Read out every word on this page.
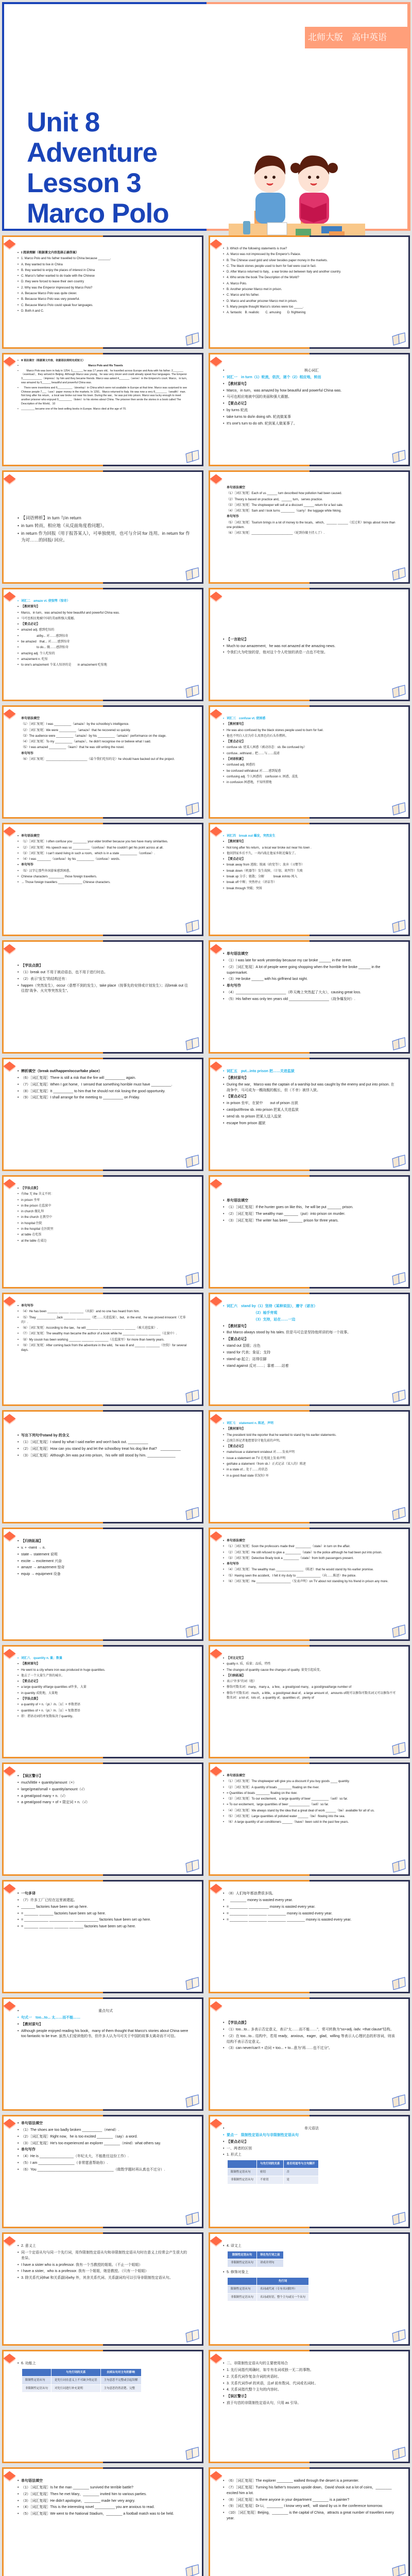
北师大版　高中英语
Unit 8
Adventure
Lesson 3
Marco Polo
• Ⅰ 阅读理解（根据课文内容选择正确答案）
• 1. Marco Polo and his father travelled to China because _______.
• A. they wanted to live in China
• B. they wanted to enjoy the places of interest in China
• C. Marco's father wanted to do trade with the Chinese
• D. they were forced to leave their own country
• 2. Why was the Emperor impressed by Marco Polo?
• A. Because Marco Polo was quite clever.
• B. Because Marco Polo was very powerful.
• C. Because Marco Polo could speak four languages.
• D. Both A and C.
• 3. Which of the following statements is true?
• A. Marco was not impressed by the Emperor's Palace.
• B. The Chinese used gold and silver besides paper money in the markets.
• C. The black stones people used to burn for fuel were coal in fact.
• D. After Marco returned to Italy，a war broke out between Italy and another country.
• 4. Who wrote the book The Description of the World?
• A. Marco Polo.
• B. Another prisoner Marco met in prison.
• C. Marco and his father.
• D. Marco and another prisoner Marco met in prison.
• 5. Many people thought Marco's stories were too _____.
• A. fantastic　B. realistic　　C. amusing　　D. frightening
• Ⅱ 语法填空（根据课文内容，依据语法规则完成短文）
• Marco Polo and His Travels
• 　　Marco Polo was born in Italy in 1254. 1_______ he was 17 years old，he travelled across Europe and Asia with his father. 2_______（eventual），they arrived in Beijing. Although Marco was young，he was very clever and could already speak four languages. The Emperor 3_____________（impress）by him and they became friends. Marco was asked 4_______（serve）in the Emperor's court. Marco，in turn，was amazed by 5______ beautiful and powerful China was.
• 　There were inventions and 6__________（develop）in China which were not available in Europe at that time. Marco was surprised to see Chinese people 7___（use）paper money in the markets. In 1291，Marco returned to Italy. He was now a very 8________（wealth）man. Not long after his return，a local war broke out near his town. During the war，he was put into prison. Marco was lucky enough to meet another prisoner who enjoyed 9_________（listen）to his stories about China. The prisoner then wrote the stories in a book called The Description of the World，10
• _________ became one of the best-selling books in Europe. Marco died at the age of 70.
• 核心词汇
• 词汇一　in turn（1）轮流，依次，逐个（2）相应地，转而
• 【教材原句】
• Marco，in turn，was amazed by how beautiful and powerful China was.
• 马可也相应地被中国的美丽和强大震撼。
• 【要点必记】
• by turns 轮流
• take turns to do/in doing sth. 轮流做某事
• It's one's turn to do sth. 轮到某人做某事了。
• 【词语辨析】in turn 与in return
• in turn 转而，相应地（从反面角度看问题）。
• in return 作为回报（用于报答某人），可单独使用，也可与介词 for 连用。in return for 作为对……的回报/ 回应。
单句语法填空
（1）［词汇复现］Each of us ______ turn described how pollution had been caused.
（2）Theory is based on practice and，______ turn，serves practice.
（3）［词汇复现］The shopkeeper will sell at a discount ______ return for a fast sale.
（4）［词汇复现］Sam and I took turns ________（carry）the luggage while hiking.
单句写作
（5）［词汇复现］Tourism brings in a lot of money to the locals，which，______ ______（反过来）brings about more than one problem.
（6）［词汇复现］________________________（轮到你做主持人了）.
• 词汇二　amaze vt. 使惊愕（惊奇）
• 【教材原句】
• Marco，in turn，was amazed by how beautiful and powerful China was.
• 马可也相应地被中国的美丽和强大震撼。
• 【要点必记】
• amazed adj. 感到吃惊的
• 　　　　　at/by... 对……感到惊奇
• be amazed　that... 对……感到惊奇
• 　　　　　to do... 做……感到惊奇
• amazing adj. 令人吃惊的
• amazement n. 吃惊
• to one's amazement 令某人惊讶的是　　in amazement 吃惊地
• 【一言助记】
• Much to our amazement，he was not amazed at the amazing news.
• 令我们大为吃惊的是，他对这个令人吃惊的消息一点也不吃惊。
单句语法填空
（1）［词汇复现］I was __________（amaze）by the schoolboy's intelligence.
（2）［词汇复现］We were __________（amaze）that he recovered so quickly.
（3）The audience were __________（amaze）by his __________（amaze）performance on the stage.
（4）［词汇复现］To my __________（amaze），he didn't recognise me or believe what I said.
（5）I was amazed __________（learn）that he was still writing the novel.
单句写作
（6）［词汇复现］________________________（最令我们吃惊的是）he should have backed out of the project.
• 词汇三　confuse vt. 使困惑
• 【教材原句】
• He was also confused by the black stones people used to burn for fuel.
• 他也不明白人们为什么用黑色的石头作燃料。
• 【要点必记】
• confuse sb. 使某人困惑（被动语态：sb. Be confused by）
• confuse...with/and... 把……与……混淆
• 【词语积累】
• confused adj. 困惑的
• be confused with/about 对……感到疑惑
• confusing adj. 令人困惑的　confusion n. 困惑，混乱
• in confusion 困惑地，不知所措地
• 单句语法填空
• （1）［词汇复现］I often confuse you ________ your elder brother because you two have many similarities.
• （2）［词汇复现］His speech was so __________（confuse）that he couldn't get his point across at all.
• （3）［词汇复现］I can't stand living in such a room，which is in a state __________（confuse）.
• （4）I was ________（confuse）by his __________（confuse）words.
• 单句写作
• （5）汉字让那些外国游客感到困惑。
• Chinese characters _________ those foreign travellers.
• → Those foreign travellers ______________ Chinese characters.
• 词汇四　break out 爆发，突然发生
• 【教材原句】
• Not long after his return，a local war broke out near his town .
• 他回到家乡后不久，一场内战在他家乡附近爆发了。
• 【要点必记】
• break away from 逃脱；脱离（政党等）；放弃（习惯等）
• break down（机器等）发生故障，（计划、谈判等）失败
• break up 分手；驱散；分解　　　break in/into 闯入
• break off 中断；突然停止（讲话等）
• break through 突破；突围
• 【学法点拨】
• （1）break out 不用于被动语态，也不用于进行时态。
• （2）表示“发生”的结构还有：
• happen（突然发生），occur（意想不到的发生），take place（按事先的安排或计划发生）；而break out 往往指“战争、火灾等突然发生”。
• 单句语法填空
• （1）I was late for work yesterday because my car broke ______ in the street.
• （2）［词汇复现］A lot of people were going shopping when the horrible fire broke ______ in the supermarket.
• （3）He broke ______ with his girlfriend last night.
• 单句写作
• （4）_________________________（昨天晚上突然起了大火），causing great loss.
• （5）His father was only ten years old ____________________（战争爆发时）.
• 辨析填空（break out/happen/occur/take place）
• （6）［词汇复现］There is still a risk that the fire will __________ again.
• （7）［词汇复现］When I got home，I sensed that something horrible must have __________.
• （8）［词汇复现］It __________ to him that he should not risk losing the good opportunity.
• （9）［词汇复现］I shall arrange for the meeting to __________ on Friday.
• 词汇五　put...into prison 把……关进监狱
• 【教材原句】
• During the war，Marco was the captain of a warship but was caught by the enemy and put into prison. 在战争中，马可成为一艘战舰的舰长，但（不幸）被俘入狱。
• 【要点必记】
• in prison 坐牢，在狱中　　out of prison 出狱
• cast/put/throw sb. into prison 把某人关进监狱
• send sb. to prison 把某人送入监狱
• escape from prison 越狱
• 【学法点拨】
• 有the 无 the 含义不同：
• in prison 坐牢
• in the prison 在监狱中
• in church 做礼拜
• in the church 在教堂中
• in hospital 住院
• in the hospital 在医院里
• at table 在吃饭
• at the table 在桌边
• 单句语法填空
• （1）［词汇复现］If the hunter goes on like this，he will be put _______ prison.
• （2）［词汇复现］The wealthy man _______（put）into prison on murder.
• （3）［词汇复现］The writer has been _______ prison for three years.
• 单句写作
• （4）He has been ______ ______ ________（出狱）and no one has heard from him.
• （5）They ___________ Jack _______ ________（把……关进监狱），but，in the end，he was proved innocent（无辜的）.
• （6）［词汇复现］According to the law，he will _______ _______ _______ ______（被关进监狱）.
• （7）［词汇复现］The wealthy man became the author of a book while he _______ _______ _______（在狱中）.
• （8）My cousin has been working _______ _______ ________（在监狱里）for more than twenty years.
• （9）［词汇复现］After coming back from the adventure in the wild，he was ill and ______ ________（住院）for several days.
• 词汇六　stand by（1）坚持（某种说法），遵守（诺言）
　　　　　　　　（2）袖手旁观
　　　　　　　　（3）支持，站在……一边
• 【教材原句】
• But Marco always stood by his tales. 但是马可总是坚持他所讲的每一个故事。
• 【要点必记】
• stand out 显眼；出色
• stand for 代表；象征；支持
• stand up 起立；站得住脚
• stand against 反对……；靠着……站着
• 写出下列句中stand by 的含义
• （1）［词汇复现］I stand by what I said earlier and won't back out. __________
• （2）［词汇复现］How can you stand by and let the schoolboy treat his dog like that?　__________
• （3）［词汇复现］Although Jim was put into prison，his wife still stood by him. ______________
• 词汇七　statement n. 陈述，声明
• 【教材原句】
• The president told the reporter that he wanted to stand by his earlier statements.
• 总统告诉记者他想要信守他先前的声明。
• 【要点必记】
• make/issue a statement on/about 对……发表声明
• issue a statement on TV 在电视上发表声明
• get/take a statement（from sb.）正式记录（某人的）陈述
• in a state of... 处于……的状态
• in a good /bad state 状况好/ 坏
• 【归纳拓展】
• v. + -ment → n.
• state→ statement 说明
• excite → excitement 兴奋
• amaze → amazement 惊奇
• equip → equipment 设备
• 单句语法填空
• （1）［词汇复现］Soon the professors made their _________（state）in turn on the affair.
• （2）［词汇复现］He still refused to give a _________（state）to the police although he had been put into prison.
• （3）［词汇复现］Detective Brady took a _________（state）from both passengers present.
• 单句写作
• （4）［词汇复现］The wealthy man ________________（陈述）that he would stand by his earlier promise.
• （5）Having seen the accident，I felt it my duty to ______________（向……陈述）the police.
• （6）［词汇复现］He ____________________（发表声明）on TV about not standing by his friend in prison any more.
• 词汇八　quantity n. 量；数量
• 【教材原句】
• He went to a city where iron was produced in huge quantities.
• 他去了一个大量生产铁的城市。
• 【要点必记】
• a large quantity of/large quantities of许多，大量
• in quantity 成批地，大量地
• 【学法点拨】
• a quantity of + n.（pl.）/n.［U］+ 单数谓语
• quantities of + n.（pl.）/n.［U］+ 复数谓语
• 即：谓语动词的单复数取决于quantity。
• 【对比记忆】
• quality n. 质，质量；品质，特性
• The changes of quantity cause the changes of quality. 量变引起质变。
• 【归纳拓展】
• 表示“许多”的词（组）
• 修饰可数名词：many，many a，a few，a great/good many，a good/great/large number of
• 修饰不可数名词：much，a little，a good/great deal of，a large amount of，amounts of既可以修饰可数名词又可以修饰不可数名词：a lot of，lots of，a quantity of，quantities of，plenty of
• 【误区警示】
• much/little + quantity/amount（×）
• large/great/small + quantity/amount（√）
• a great/good many + n.（√）
• a great/good many + of + 限定词 + n.（√）
• 单句语法填空
• （1）［词汇复现］The shopkeeper will give you a discount if you buy goods ____ quantity.
• （2）［词汇复现］A quantity of boats ________ floating on the river.
• = Quantities of boats ________ floating on the river.
• （3）［词汇复现］To our excitement，a large quantity of beer __________（sell）so far.
• = To our excitement，large quantities of beer ____________（sell）so far.
• （4）［词汇复现］We always stand by the idea that a great deal of work ______（be）available for all of us.
• （5）［词汇复现］Large quantities of polluted water ______（be）flowing into the sea.
• （6）A large quantity of air-conditioners ______（have）been sold in the past few years.
• 一句多译
• （7）许多工厂已经在这里被建起。
• _______ factories have been set up here.
• = _______ _______ factories have been set up here.
• = ____________ ____________ ____________ factories have been set up here.
• = _______ _______ _______ _______ factories have been set up here.
• （8）人们每年都浪费很多钱。
• 　________ money is wasted every year.
• = _________ __________ money is wasted every year.
• = _________ _________ _________ money is wasted every year.
• = _________ _________ _________ _________ money is wasted every year.
• 重点句式
• 句式一　too...to... 太……而不能……
• 【教材原句】
• Although people enjoyed reading his book，many of them thought that Marco's stories about China were too fantastic to be true. 虽然人们爱读他的书，但许多人认为马可关于中国的故事太离奇而不可信。
• 【学法点拨】
• （1）too...to... 多表示否定意义，表示“太……而不能……”，常可转换为“so+adj. /adv. +that clause”结构。
• （2）在 too...to... 结构中，若用 ready，anxious，eager，glad，willing 等表示人心理状态的形容词，则该结构不表示否定意义。
• （3）can never/can't + 动词 + too... + to...意为“再……也不过分”。
• 单句语法填空
• （1）The shoes are too badly broken __________（mend）.
• （2）［词汇复现］Right now，he is too excited ________（say）a word.
• （3）［词汇复现］He's too experienced an explorer ________（mind）what others say.
• 单句写作
• （4）He is _________________（年纪太大，不能胜任这份工作）.
• （5）I am __________________（非常愿意帮助你）.
• （6）You ______________________________________（做数学题时再认真也不过分）.
• 单元语法
• 要点一　限制性定语从句与非限制性定语从句
• 【要点必记】
• 一、两者的区别
• 1. 形式上
	与先行词的关系	是否用逗号与主句隔开
限制性定语从句	密切	否
非限制性定语从句	不密切	是
• 2. 意义上
• 同一个定语从句与同一个先行词，用作限制性定语从句和非限制性定语从句时在意义上经常会产生很大的差异。
• I have a sister who is a professor. 我有一个当教授的姐姐。（不止一个姐姐）
• I have a sister，who is a professor. 我有一个姐姐，她是教授。（只有一个姐姐）
• 3. 除关系代词that 和关系副词why 外，其余关系代词、关系副词均可以引导非限制性定语从句。
• 4. 译文上
限制性定语从句	译在先行词之前
非限制性定语从句	译成并列句
• 5. 修饰对象上
	先行词
限制性定语从句	名词或代词（专有名词除外）
非限制性定语从句	名词或短语，整个主句或另一个从句
• 6. 功能上
	与先行词的关系	去掉从句对主句的影响
限制性定语从句	是先行词在意义上不可缺少的定语	主句意思不完整或引起误解
非限制性定语从句	对先行词进行补充说明	主句意思仍然清楚、完整
• 二、非限制性定语从句的主要使用场合
• 1. 先行词指代明确时，如专有名词或独一无二的事物。
• 2. 关系代词作复杂介词的宾语时。
• 3. 关系代词作of 的宾语，且of 前有数词、代词或名词时。
• 4. 关系词指代整个主句的内容时。
• 【误区警示】
• 放于句首的非限制性定语从句，只用 as 引导。
• 单句语法填空
• （1）［词汇复现］Is he the man ________ survived the terrible battle?
• （2）［词汇复现］Then he met Mary，________ invited him to various parties.
• （3）［词汇复现］He didn't apologise，________ made her very angry.
• （4）［词汇复现］This is the interesting novel __________ you are anxious to read.
• （5）［词汇复现］We went to the National Stadium，________ a football match was to be held.
• （6）［词汇复现］The explorer ________ walked through the desert is a presenter.
• （7）［词汇复现］Turning his father's trousers upside down，David shook out a lot of coins，________ excited him a lot.
• （8）［词汇复现］Is there anyone in your department ________ is a painter?
• （9）［词汇复现］Dr Li，________ I know very well，will stand by us in the conference tomorrow.
• （10）［词汇复现］Beijing，________ is the capital of China，attracts a great number of travellers every year.
